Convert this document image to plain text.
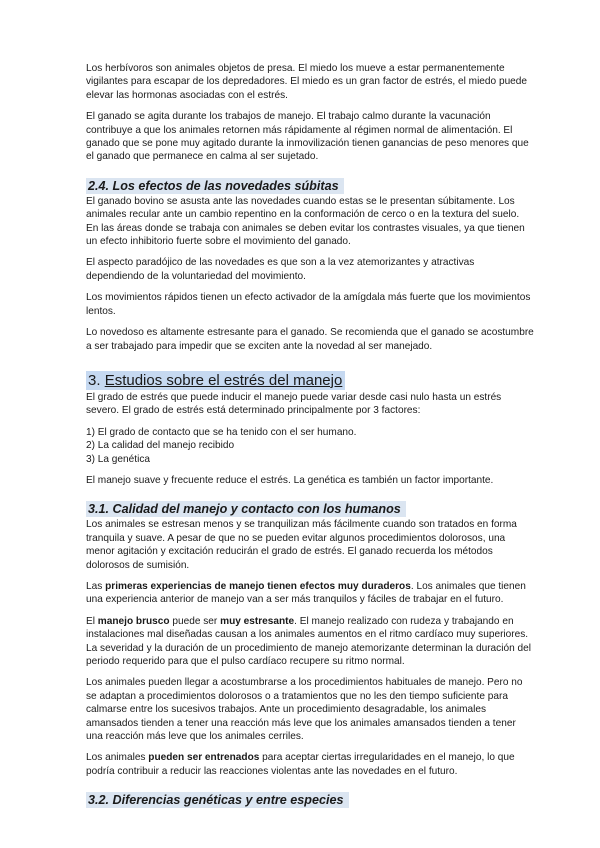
Los herbívoros son animales objetos de presa. El miedo los mueve a estar permanentemente vigilantes para escapar de los depredadores. El miedo es un gran factor de estrés, el miedo puede elevar las hormonas asociadas con el estrés.

El ganado se agita durante los trabajos de manejo. El trabajo calmo durante la vacunación contribuye a que los animales retornen más rápidamente al régimen normal de alimentación. El ganado que se pone muy agitado durante la inmovilización tienen ganancias de peso menores que el ganado que permanece en calma al ser sujetado.

2.4. Los efectos de las novedades súbitas

El ganado bovino se asusta ante las novedades cuando estas se le presentan súbitamente. Los animales recular ante un cambio repentino en la conformación de cerco o en la textura del suelo. En las áreas donde se trabaja con animales se deben evitar los contrastes visuales, ya que tienen un efecto inhibitorio fuerte sobre el movimiento del ganado.

El aspecto paradójico de las novedades es que son a la vez atemorizantes y atractivas dependiendo de la voluntariedad del movimiento.

Los movimientos rápidos tienen un efecto activador de la amígdala más fuerte que los movimientos lentos.

Lo novedoso es altamente estresante para el ganado. Se recomienda que el ganado se acostumbre a ser trabajado para impedir que se exciten ante la novedad al ser manejado.

3. Estudios sobre el estrés del manejo

El grado de estrés que puede inducir el manejo puede variar desde casi nulo hasta un estrés severo. El grado de estrés está determinado principalmente por 3 factores:

1) El grado de contacto que se ha tenido con el ser humano.
2) La calidad del manejo recibido
3) La genética

El manejo suave y frecuente reduce el estrés. La genética es también un factor importante.

3.1. Calidad del manejo y contacto con los humanos

Los animales se estresan menos y se tranquilizan más fácilmente cuando son tratados en forma tranquila y suave. A pesar de que no se pueden evitar algunos procedimientos dolorosos, una menor agitación y excitación reducirán el grado de estrés. El ganado recuerda los métodos dolorosos de sumisión.

Las primeras experiencias de manejo tienen efectos muy duraderos. Los animales que tienen una experiencia anterior de manejo van a ser más tranquilos y fáciles de trabajar en el futuro.

El manejo brusco puede ser muy estresante. El manejo realizado con rudeza y trabajando en instalaciones mal diseñadas causan a los animales aumentos en el ritmo cardíaco muy superiores. La severidad y la duración de un procedimiento de manejo atemorizante determinan la duración del periodo requerido para que el pulso cardíaco recupere su ritmo normal.

Los animales pueden llegar a acostumbrarse a los procedimientos habituales de manejo. Pero no se adaptan a procedimientos dolorosos o a tratamientos que no les den tiempo suficiente para calmarse entre los sucesivos trabajos. Ante un procedimiento desagradable, los animales amansados tienden a tener una reacción más leve que los animales amansados tienden a tener una reacción más leve que los animales cerriles.

Los animales pueden ser entrenados para aceptar ciertas irregularidades en el manejo, lo que podría contribuir a reducir las reacciones violentas ante las novedades en el futuro.

3.2. Diferencias genéticas y entre especies
